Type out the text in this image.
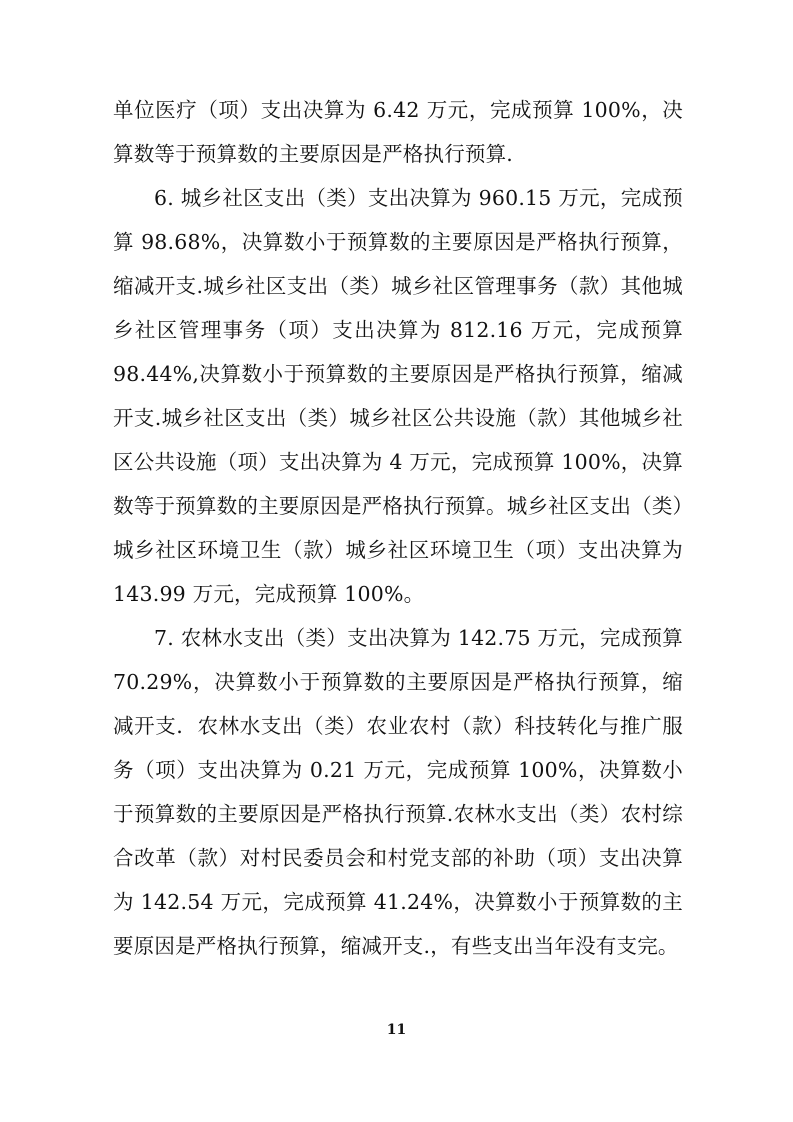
单位医疗（项）支出决算为 6.42 万元，完成预算 100%，决算数等于预算数的主要原因是严格执行预算.

6. 城乡社区支出（类）支出决算为 960.15 万元，完成预算 98.68%，决算数小于预算数的主要原因是严格执行预算，缩减开支.城乡社区支出（类）城乡社区管理事务（款）其他城乡社区管理事务（项）支出决算为 812.16 万元，完成预算 98.44%,决算数小于预算数的主要原因是严格执行预算，缩减开支.城乡社区支出（类）城乡社区公共设施（款）其他城乡社区公共设施（项）支出决算为 4 万元，完成预算 100%，决算数等于预算数的主要原因是严格执行预算。城乡社区支出（类）城乡社区环境卫生（款）城乡社区环境卫生（项）支出决算为 143.99 万元，完成预算 100%。

7. 农林水支出（类）支出决算为 142.75 万元，完成预算 70.29%，决算数小于预算数的主要原因是严格执行预算，缩减开支．农林水支出（类）农业农村（款）科技转化与推广服务（项）支出决算为 0.21 万元，完成预算 100%，决算数小于预算数的主要原因是严格执行预算.农林水支出（类）农村综合改革（款）对村民委员会和村党支部的补助（项）支出决算为 142.54 万元，完成预算 41.24%，决算数小于预算数的主要原因是严格执行预算，缩减开支.，有些支出当年没有支完。

11
